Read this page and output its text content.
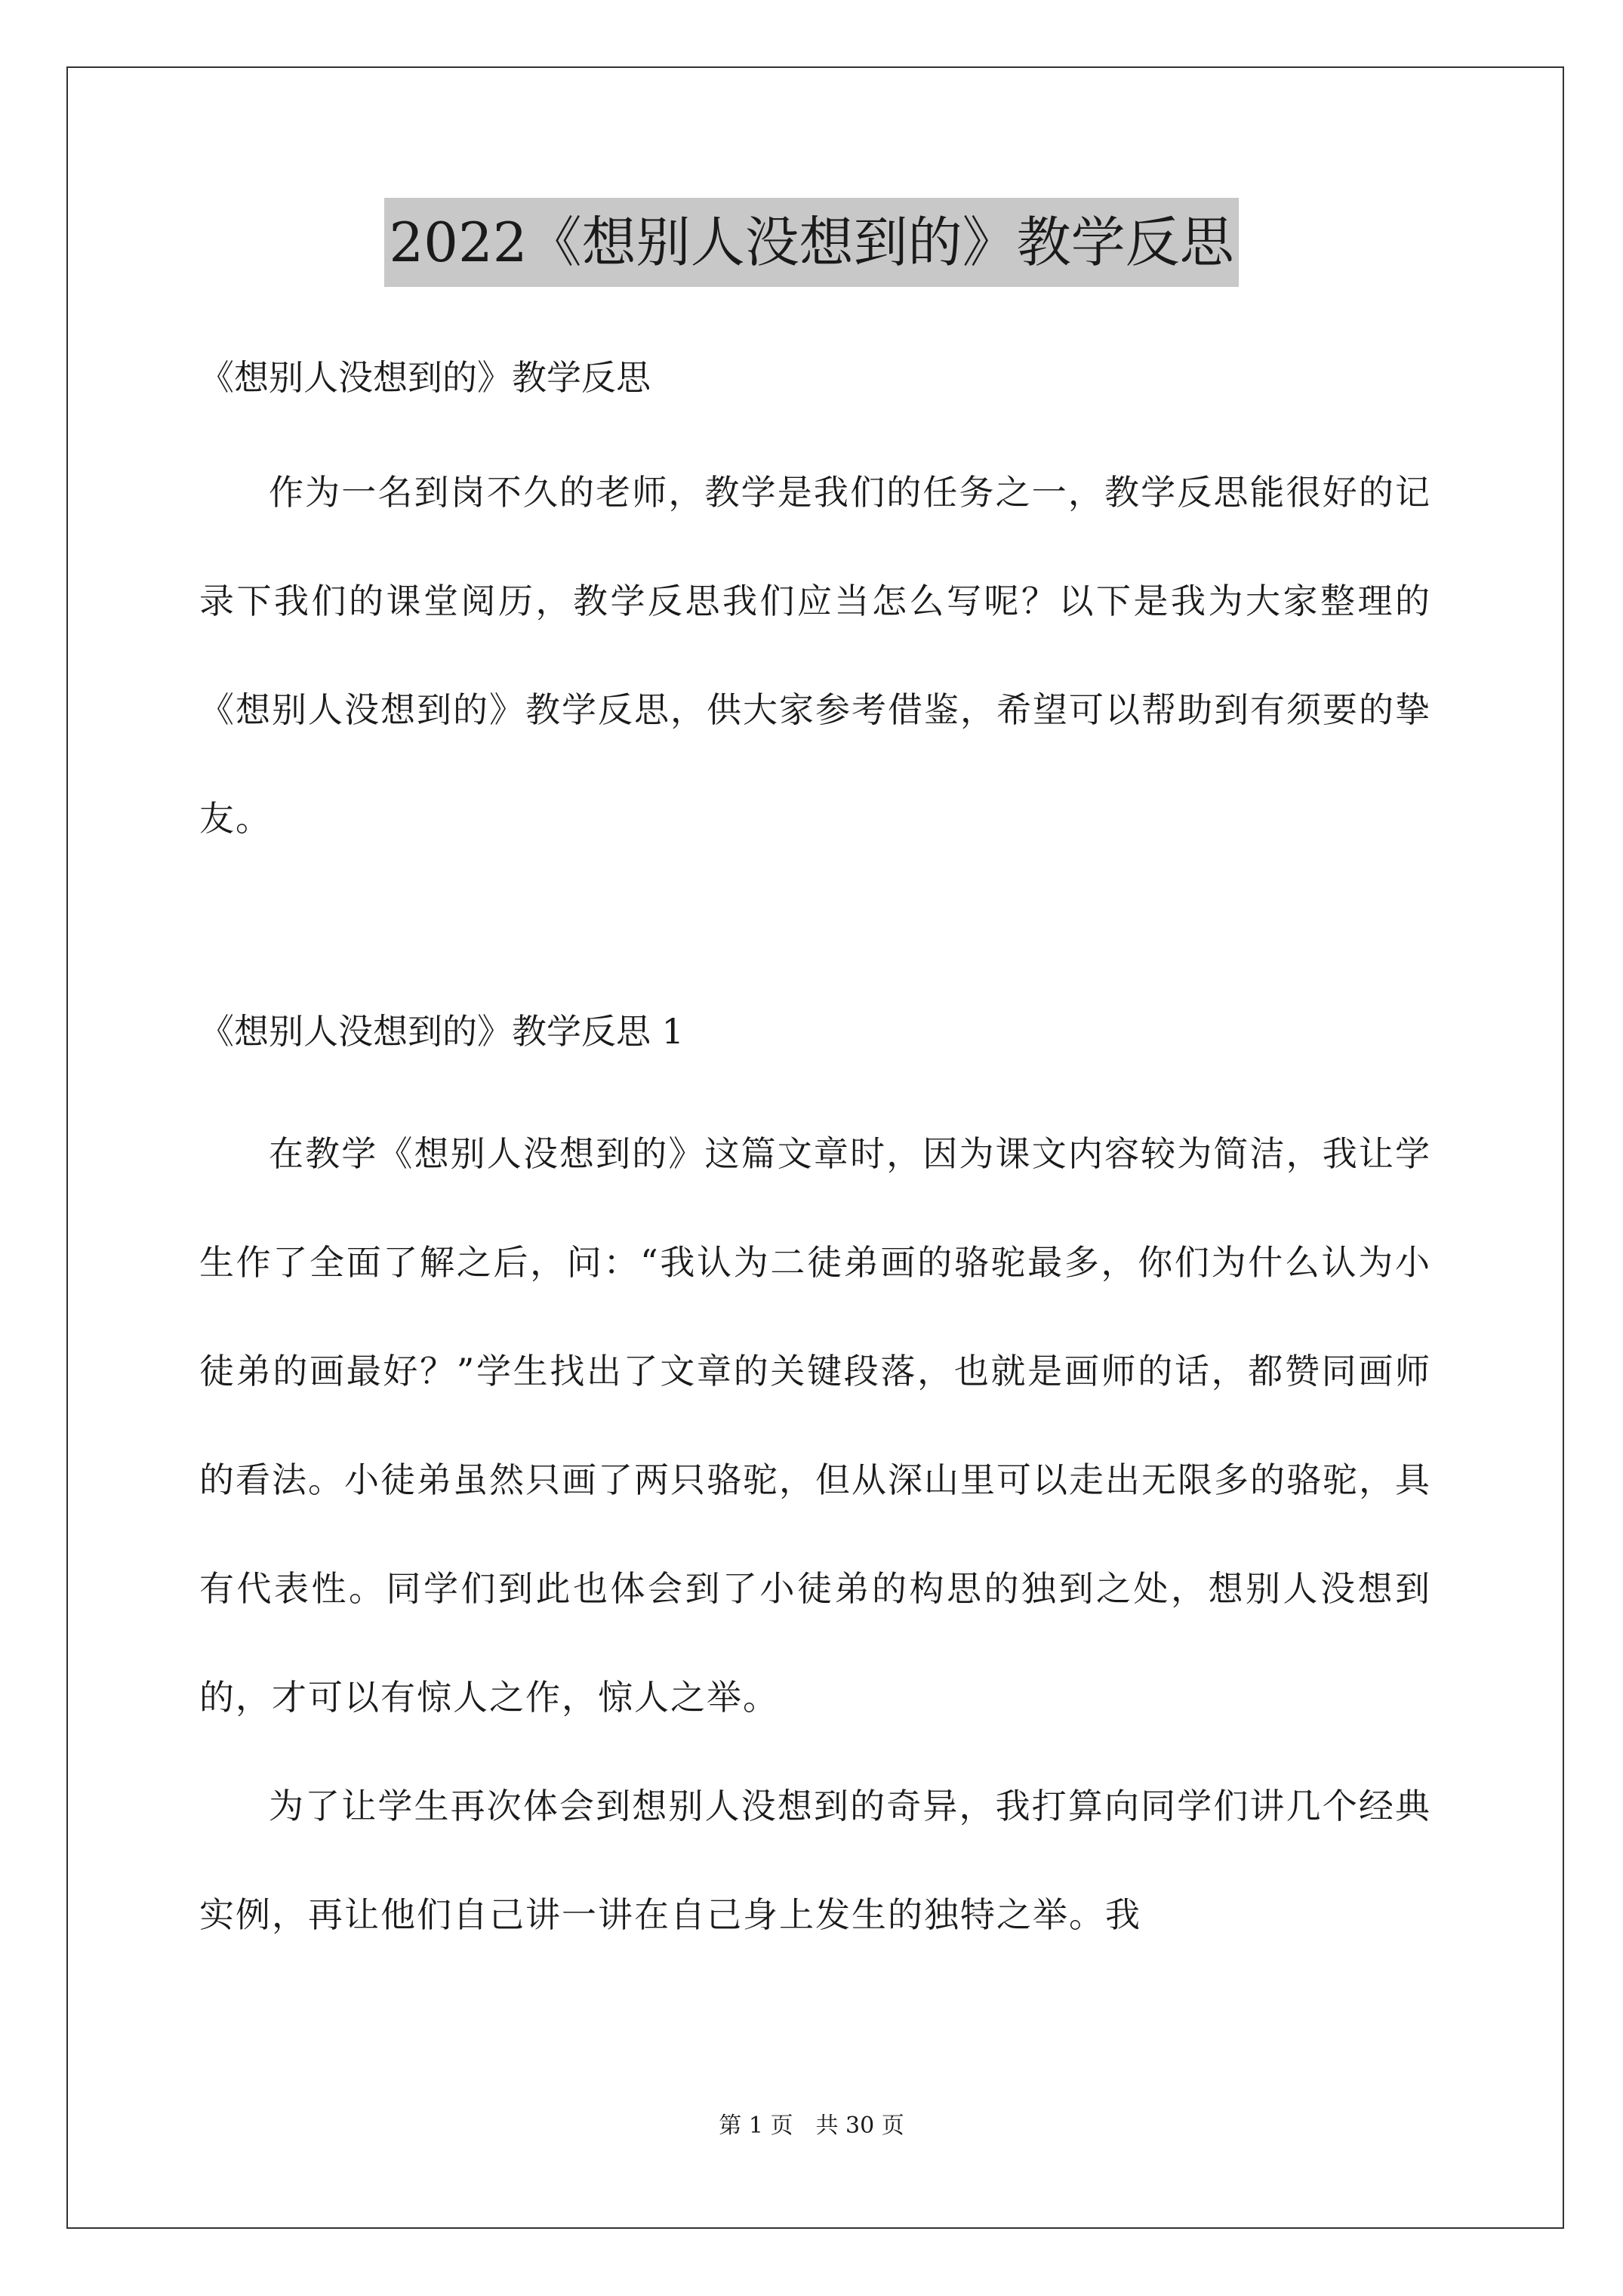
2022《想别人没想到的》教学反思

《想别人没想到的》教学反思

作为一名到岗不久的老师，教学是我们的任务之一，教学反思能很好的记录下我们的课堂阅历，教学反思我们应当怎么写呢？以下是我为大家整理的《想别人没想到的》教学反思，供大家参考借鉴，希望可以帮助到有须要的挚友。

《想别人没想到的》教学反思 1

在教学《想别人没想到的》这篇文章时，因为课文内容较为简洁，我让学生作了全面了解之后，问：“我认为二徒弟画的骆驼最多，你们为什么认为小徒弟的画最好？”学生找出了文章的关键段落，也就是画师的话，都赞同画师的看法。小徒弟虽然只画了两只骆驼，但从深山里可以走出无限多的骆驼，具有代表性。同学们到此也体会到了小徒弟的构思的独到之处，想别人没想到的，才可以有惊人之作，惊人之举。

为了让学生再次体会到想别人没想到的奇异，我打算向同学们讲几个经典实例，再让他们自己讲一讲在自己身上发生的独特之举。我

第 1 页　共 30 页
